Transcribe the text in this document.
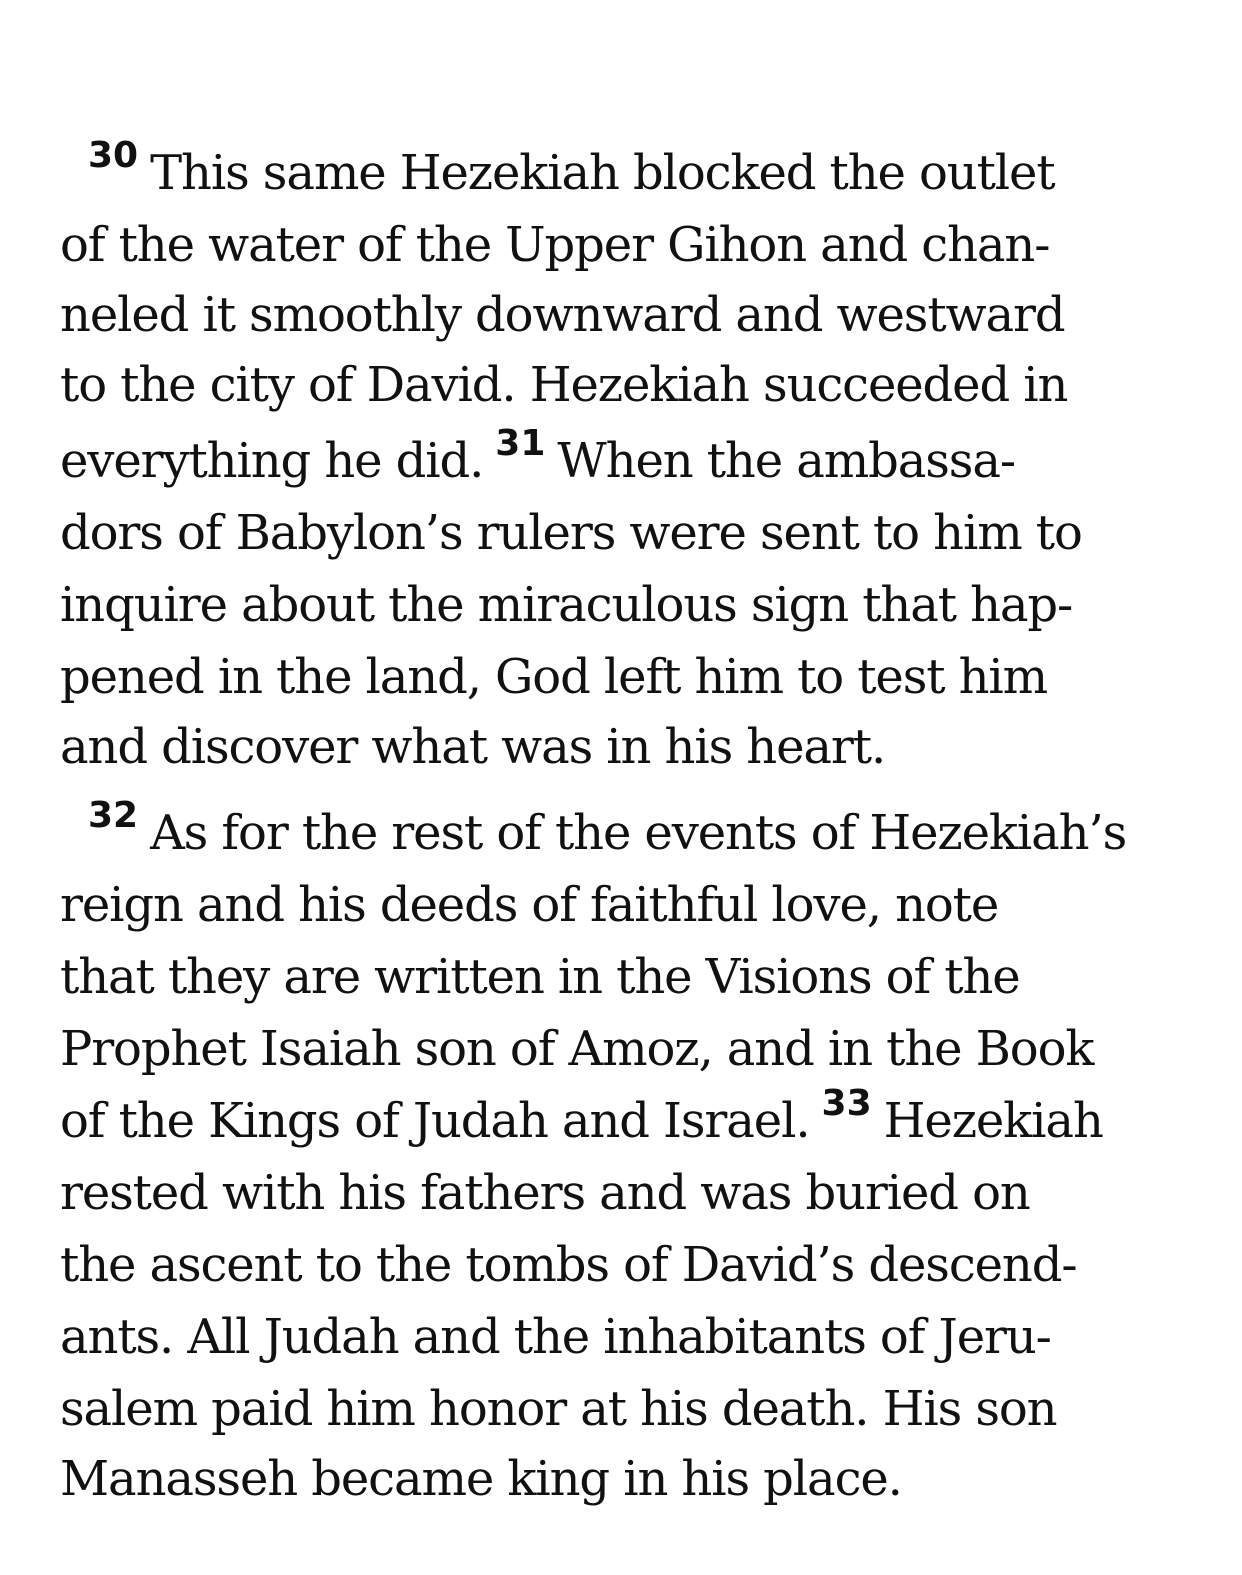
$^{30}$ This same Hezekiah blocked the outlet
of the water of the Upper Gihon and chan-
neled it smoothly downward and westward
to the city of David. Hezekiah succeeded in
everything he did. $^{31}$ When the ambassa-
dors of Babylon’s rulers were sent to him to
inquire about the miraculous sign that hap-
pened in the land, God left him to test him
and discover what was in his heart.
$^{32}$ As for the rest of the events of Hezekiah’s
reign and his deeds of faithful love, note
that they are written in the Visions of the
Prophet Isaiah son of Amoz, and in the Book
of the Kings of Judah and Israel. $^{33}$ Hezekiah
rested with his fathers and was buried on
the ascent to the tombs of David’s descend-
ants. All Judah and the inhabitants of Jeru-
salem paid him honor at his death. His son
Manasseh became king in his place.
